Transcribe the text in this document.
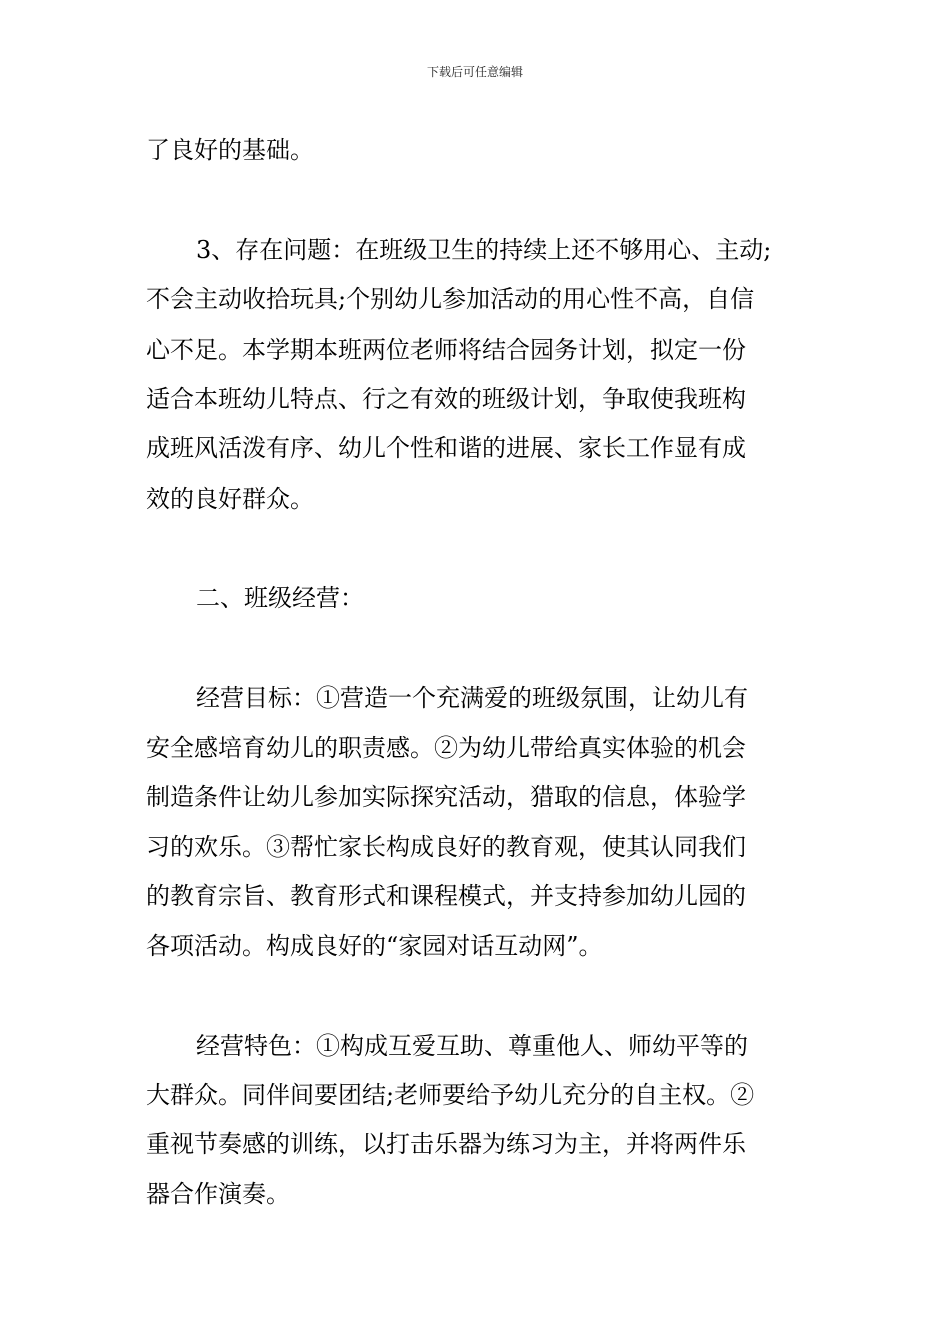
下载后可任意编辑
了良好的基础。
3、存在问题：在班级卫生的持续上还不够用心、主动;
不会主动收拾玩具;个别幼儿参加活动的用心性不高，自信
心不足。本学期本班两位老师将结合园务计划，拟定一份
适合本班幼儿特点、行之有效的班级计划，争取使我班构
成班风活泼有序、幼儿个性和谐的进展、家长工作显有成
效的良好群众。
二、班级经营：
经营目标：①营造一个充满爱的班级氛围，让幼儿有
安全感培育幼儿的职责感。②为幼儿带给真实体验的机会
制造条件让幼儿参加实际探究活动，猎取的信息，体验学
习的欢乐。③帮忙家长构成良好的教育观，使其认同我们
的教育宗旨、教育形式和课程模式，并支持参加幼儿园的
各项活动。构成良好的“家园对话互动网”。
经营特色：①构成互爱互助、尊重他人、师幼平等的
大群众。同伴间要团结;老师要给予幼儿充分的自主权。②
重视节奏感的训练，以打击乐器为练习为主，并将两件乐
器合作演奏。
